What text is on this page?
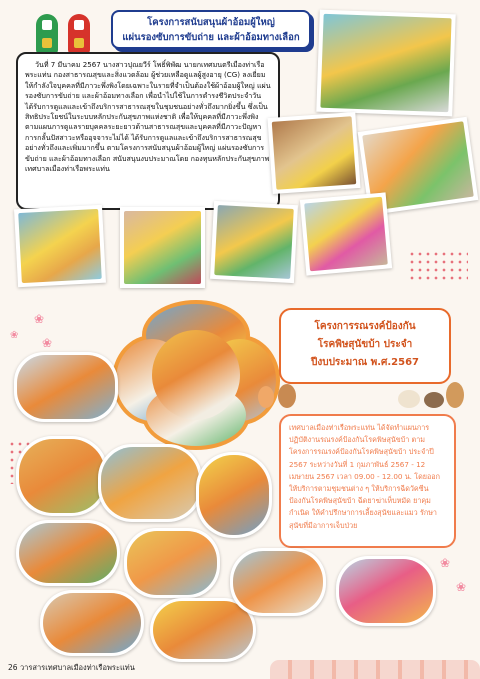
โครงการสนับสนุนผ้าอ้อมผู้ใหญ่
แผ่นรองซับการขับถ่าย และผ้าอ้อมทางเลือก

วันที่ 7 มีนาคม 2567 นางสาวปุณยวีร์ โพธิ์พิพัฒ นายกเทศมนตรีเมืองท่าเรือพระแท่น กองสาธารณสุขและสิ่งแวดล้อม ผู้ช่วยเหลือดูแลผู้สูงอายุ (CG) ลงเยี่ยมให้กำลังใจบุคคลที่มีภาวะพึ่งพิงโดยเฉพาะในรายที่จำเป็นต้องใช้ผ้าอ้อมผู้ใหญ่ แผ่นรองซับการขับถ่าย และผ้าอ้อมทางเลือก เพื่อนำไปใช้ในการดำรงชีวิตประจำวัน ได้รับการดูแลและเข้าถึงบริการสาธารณสุขในชุมชนอย่างทั่วถึงมากยิ่งขึ้น ซึ่งเป็นสิทธิประโยชน์ในระบบหลักประกันสุขภาพแห่งชาติ เพื่อให้บุคคลที่มีภาวะพึ่งพิงตามแผนการดูแลรายบุคคลระยะยาวด้านสาธารณสุขและบุคคลที่มีภาวะปัญหาการกลั้นปัสสาวะหรืออุจจาระไม่ได้ ได้รับการดูแลและเข้าถึงบริการสาธารณสุขอย่างทั่วถึงและเพิ่มมากขึ้น ตามโครงการสนับสนุนผ้าอ้อมผู้ใหญ่ แผ่นรองซับการขับถ่าย และผ้าอ้อมทางเลือก สนับสนุนงบประมาณโดย กองทุนหลักประกันสุขภาพเทศบาลเมืองท่าเรือพระแท่น

❀
❀
❀
❀
❀
โครงการรณรงค์ป้องกัน
โรคพิษสุนัขบ้า ประจำ
ปีงบประมาณ พ.ศ.2567

เทศบาลเมืองท่าเรือพระแท่น ได้จัดทำแผนการปฏิบัติงานรณรงค์ป้องกันโรคพิษสุนัขบ้า ตามโครงการรณรงค์ป้องกันโรคพิษสุนัขบ้า ประจำปี 2567 ระหว่างวันที่ 1 กุมภาพันธ์ 2567 - 12 เมษายน 2567 เวลา 09.00 - 12.00 น. โดยออกให้บริการตามชุมชนต่าง ๆ ให้บริการฉีดวัคซีนป้องกันโรคพิษสุนัขบ้า ฉีดยาฆ่าเห็บหมัด ยาคุมกำเนิด ให้คำปรึกษาการเลี้ยงสุนัขและแมว รักษาสุนัขที่มีอาการเจ็บป่วย

26 วารสารเทศบาลเมืองท่าเรือพระแท่น
